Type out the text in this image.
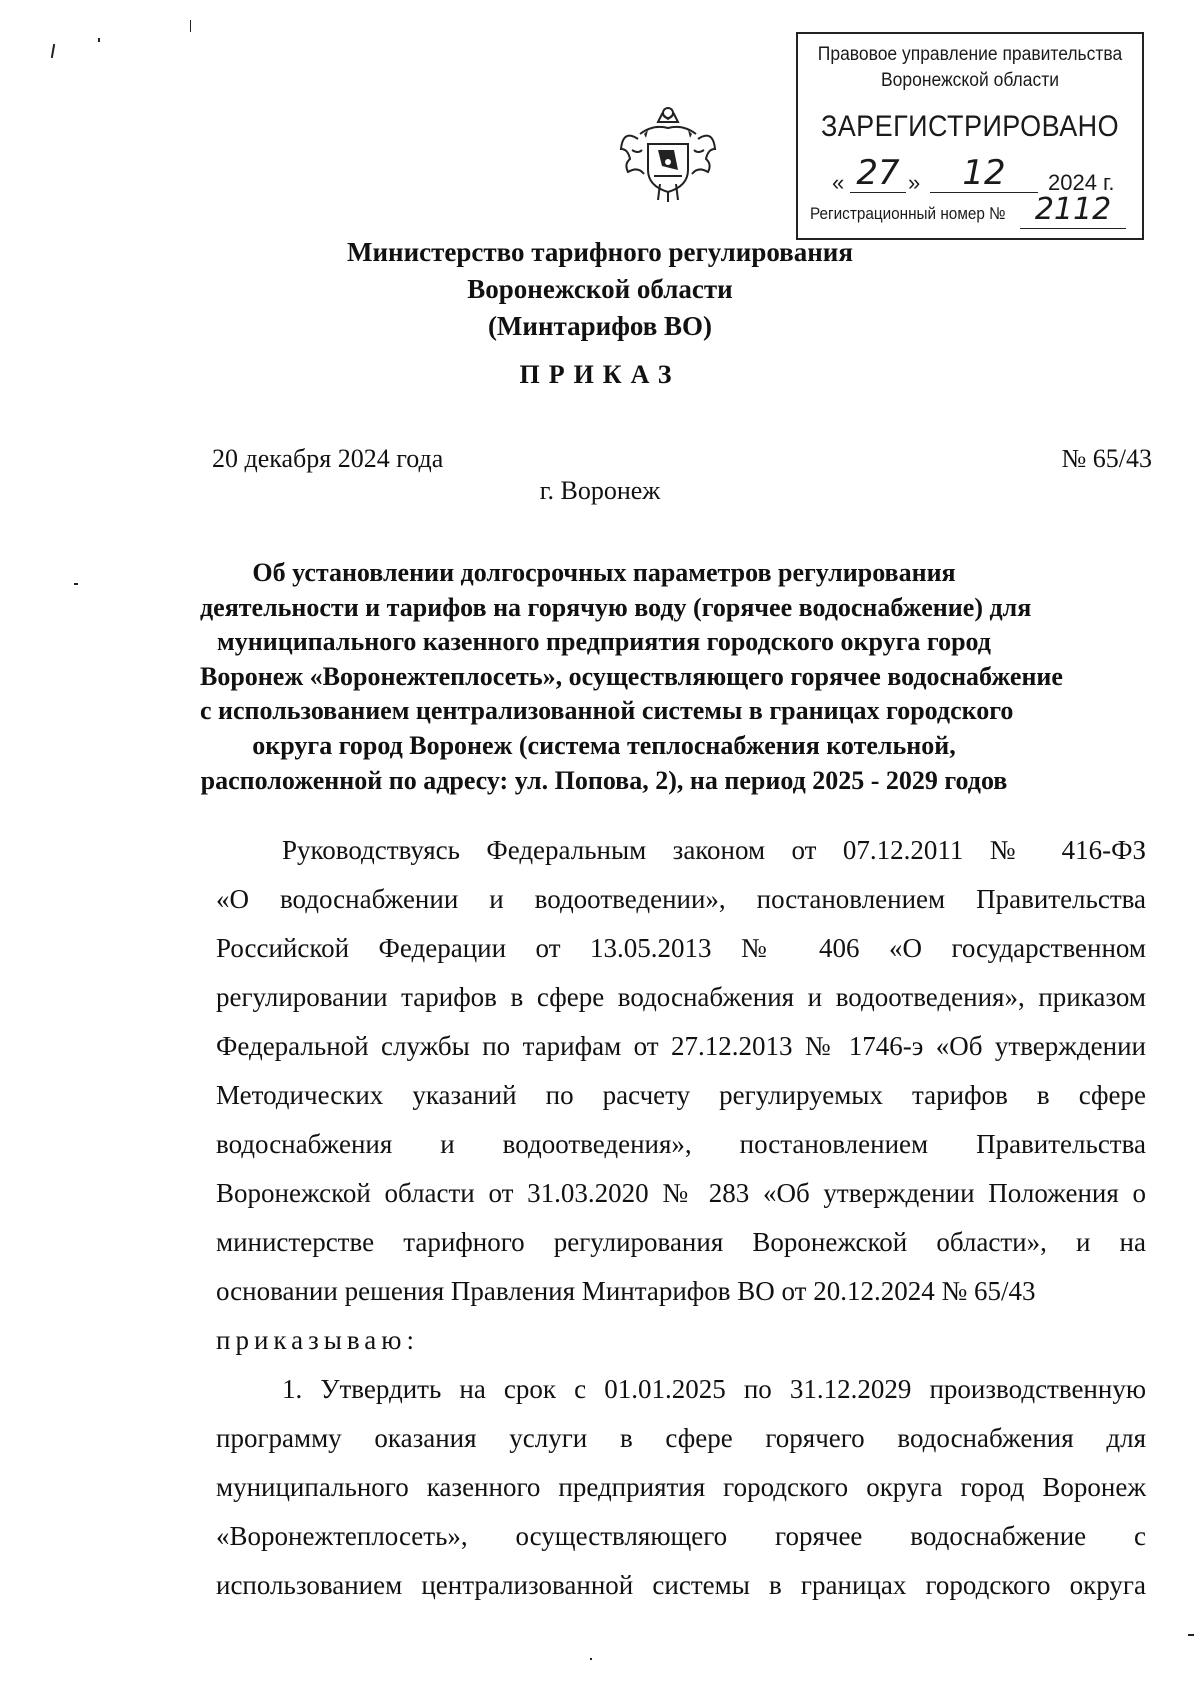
Правовое управление правительства
Воронежской области
ЗАРЕГИСТРИРОВАНО
« 27 »	12	2024 г.
Регистрационный номер № 2112
Министерство тарифного регулирования
Воронежской области
(Минтарифов ВО)
ПРИКАЗ
20 декабря 2024 года	№ 65/43
г. Воронеж
Об установлении долгосрочных параметров регулирования
деятельности и тарифов на горячую воду (горячее водоснабжение) для
муниципального казенного предприятия городского округа город
Воронеж «Воронежтеплосеть», осуществляющего горячее водоснабжение
с использованием централизованной системы в границах городского
округа город Воронеж (система теплоснабжения котельной,
расположенной по адресу: ул. Попова, 2), на период 2025 - 2029 годов
Руководствуясь Федеральным законом от 07.12.2011 № 416-ФЗ
«О водоснабжении и водоотведении», постановлением Правительства
Российской Федерации от 13.05.2013 № 406 «О государственном
регулировании тарифов в сфере водоснабжения и водоотведения», приказом
Федеральной службы по тарифам от 27.12.2013 № 1746-э «Об утверждении
Методических указаний по расчету регулируемых тарифов в сфере
водоснабжения и водоотведения», постановлением Правительства
Воронежской области от 31.03.2020 № 283 «Об утверждении Положения о
министерстве тарифного регулирования Воронежской области», и на
основании решения Правления Минтарифов ВО от 20.12.2024 № 65/43
приказываю:
1. Утвердить на срок с 01.01.2025 по 31.12.2029 производственную
программу оказания услуги в сфере горячего водоснабжения для
муниципального казенного предприятия городского округа город Воронеж
«Воронежтеплосеть», осуществляющего горячее водоснабжение с
использованием централизованной системы в границах городского округа
